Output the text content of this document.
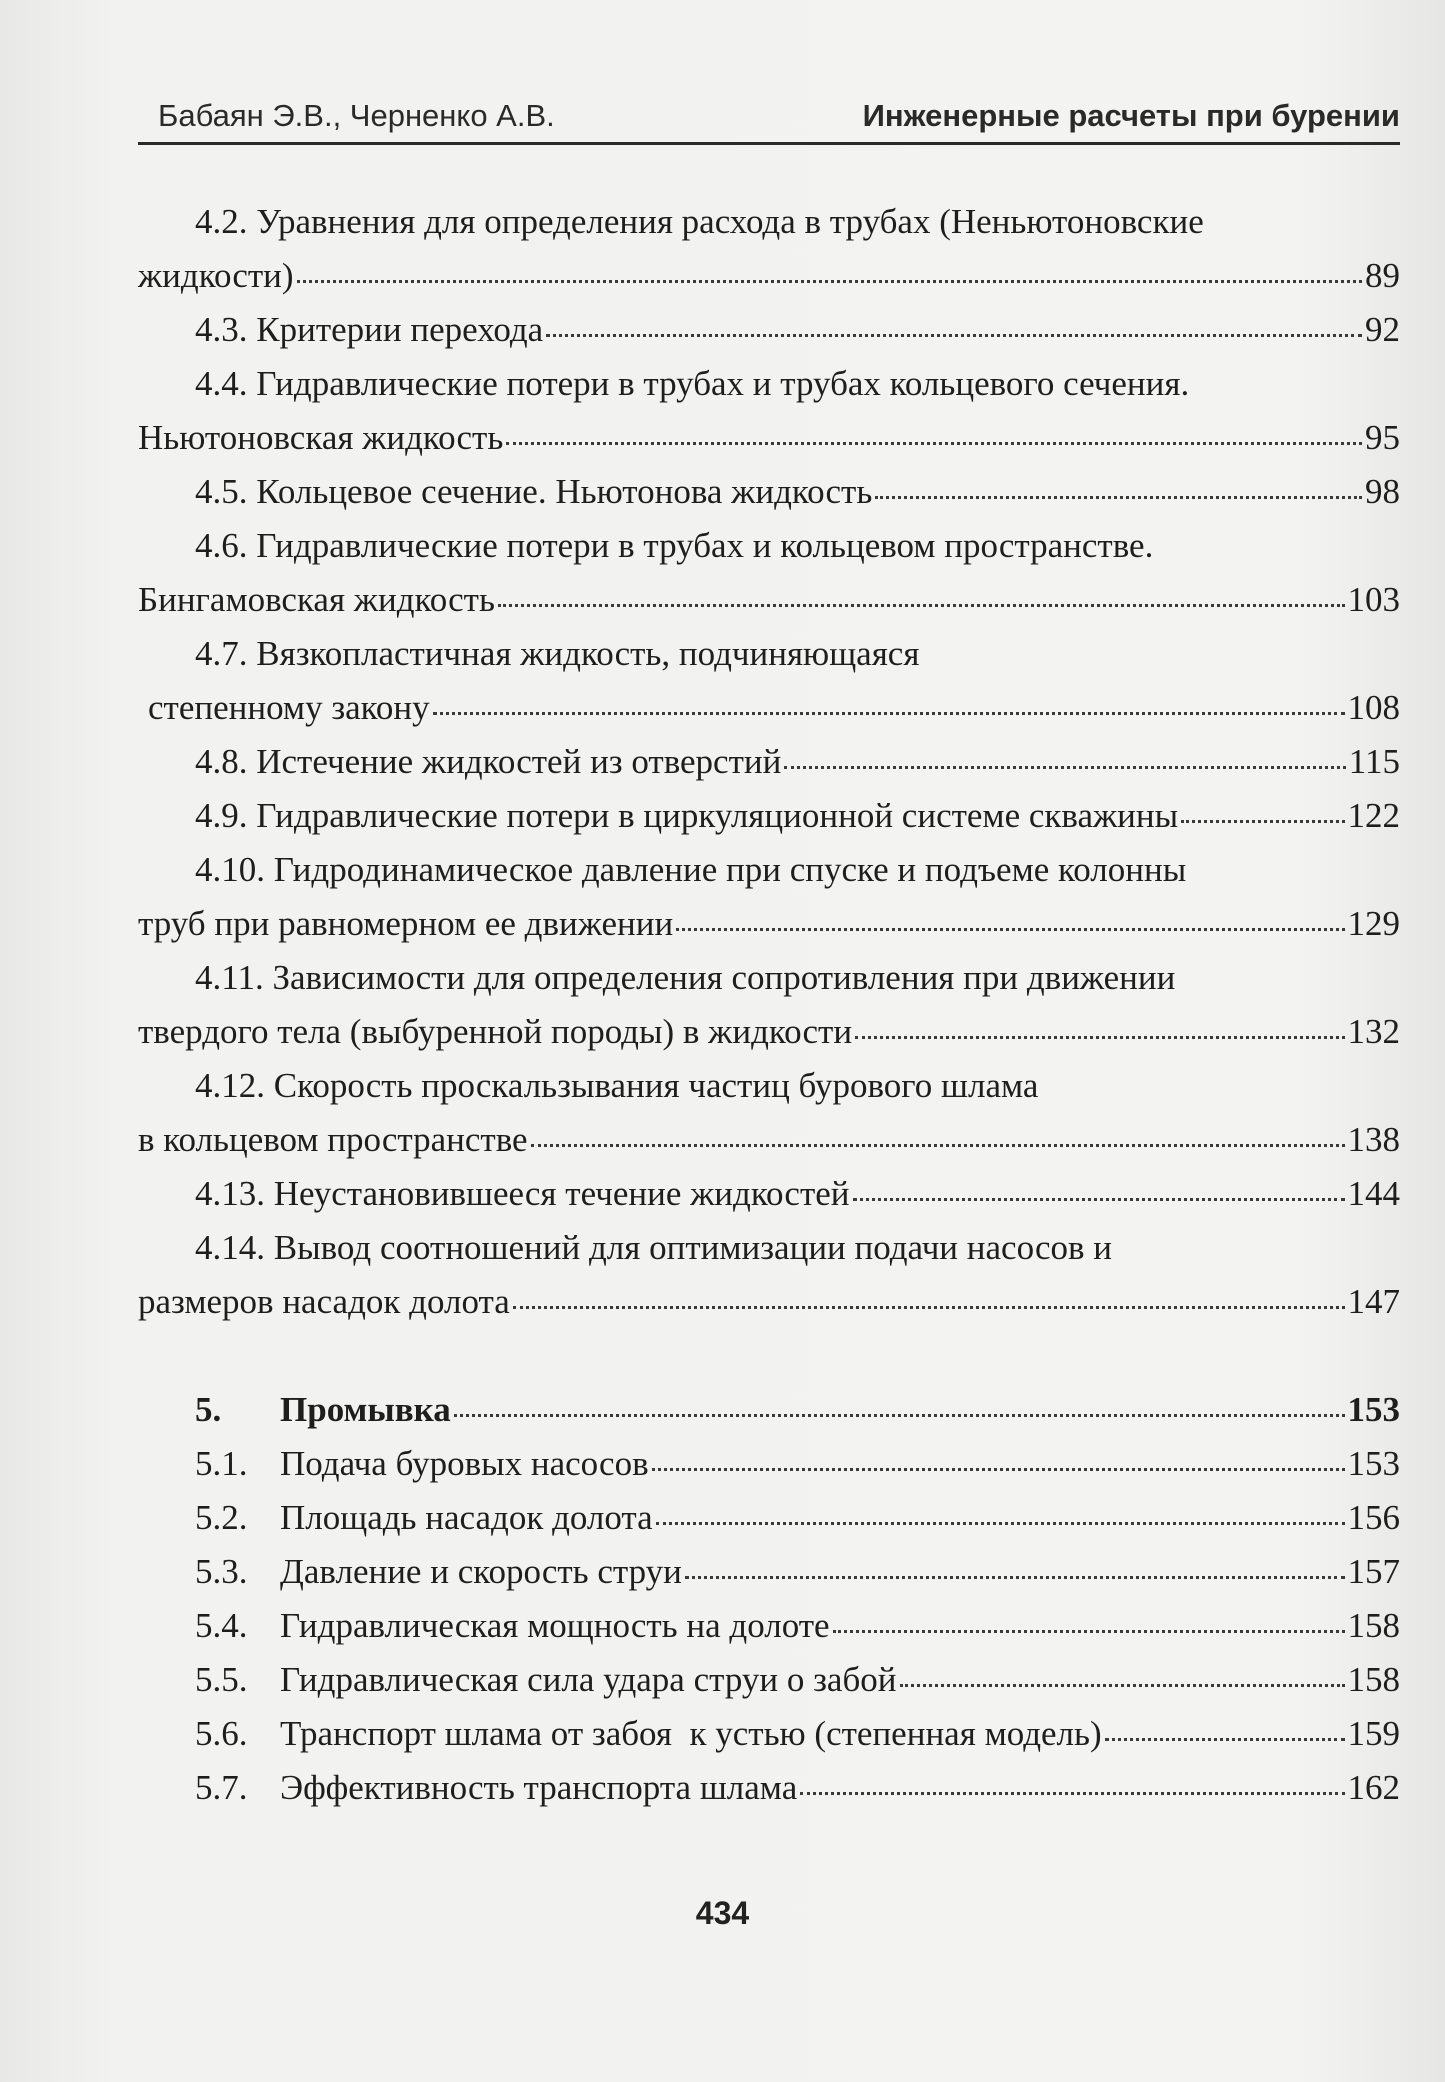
Бабаян Э.В., Черненко А.В.	Инженерные расчеты при бурении
4.2. Уравнения для определения расхода в трубах (Неньютоновские
жидкости)	89
4.3. Критерии перехода	92
4.4. Гидравлические потери в трубах и трубах кольцевого сечения.
Ньютоновская жидкость	95
4.5. Кольцевое сечение. Ньютонова жидкость	98
4.6. Гидравлические потери в трубах и кольцевом пространстве.
Бингамовская жидкость	103
4.7. Вязкопластичная жидкость, подчиняющаяся
степенному закону	108
4.8. Истечение жидкостей из отверстий	115
4.9. Гидравлические потери в циркуляционной системе скважины	122
4.10. Гидродинамическое давление при спуске и подъеме колонны
труб при равномерном ее движении	129
4.11. Зависимости для определения сопротивления при движении
твердого тела (выбуренной породы) в жидкости	132
4.12. Скорость проскальзывания частиц бурового шлама
в кольцевом пространстве	138
4.13. Неустановившееся течение жидкостей	144
4.14. Вывод соотношений для оптимизации подачи насосов и
размеров насадок долота	147
5. Промывка	153
5.1. Подача буровых насосов	153
5.2. Площадь насадок долота	156
5.3. Давление и скорость струи	157
5.4. Гидравлическая мощность на долоте	158
5.5. Гидравлическая сила удара струи о забой	158
5.6. Транспорт шлама от забоя  к устью (степенная модель)	159
5.7. Эффективность транспорта шлама	162
434
